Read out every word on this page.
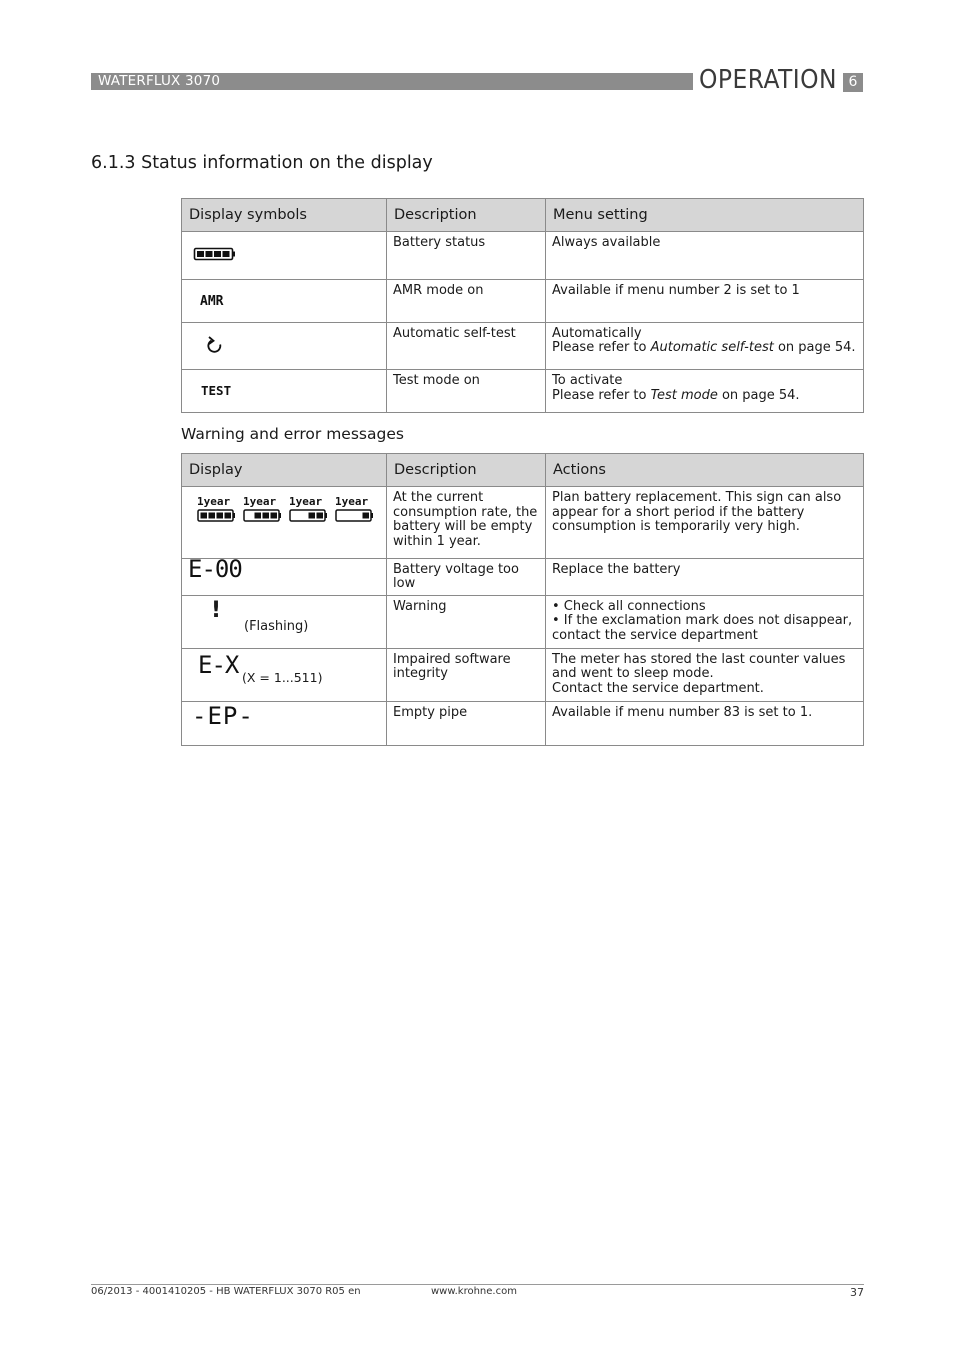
WATERFLUX 3070	OPERATION 6
6.1.3 Status information on the display
Display symbols	Description	Menu setting
	Battery status	Always available

AMR	AMR mode on	Available if menu number 2 is set to 1
	Automatic self-test	Automatically
Please refer to Automatic self-test on page 54.

TEST	Test mode on	To activate
Please refer to Test mode on page 54.
Warning and error messages
Display	Description	Actions

1year 1year 1year 1year	At the current consumption rate, the battery will be empty within 1 year.	Plan battery replacement. This sign can also appear for a short period if the battery consumption is temporarily very high.

E-00	Battery voltage too low	Replace the battery

!
(Flashing)	Warning	• Check all connections
• If the exclamation mark does not disappear, contact the service department

E-X (X = 1...511)	Impaired software integrity	The meter has stored the last counter values and went to sleep mode.
Contact the service department.

-EP-	Empty pipe	Available if menu number 83 is set to 1.
06/2013 - 4001410205 - HB WATERFLUX 3070 R05 en	www.krohne.com	37
